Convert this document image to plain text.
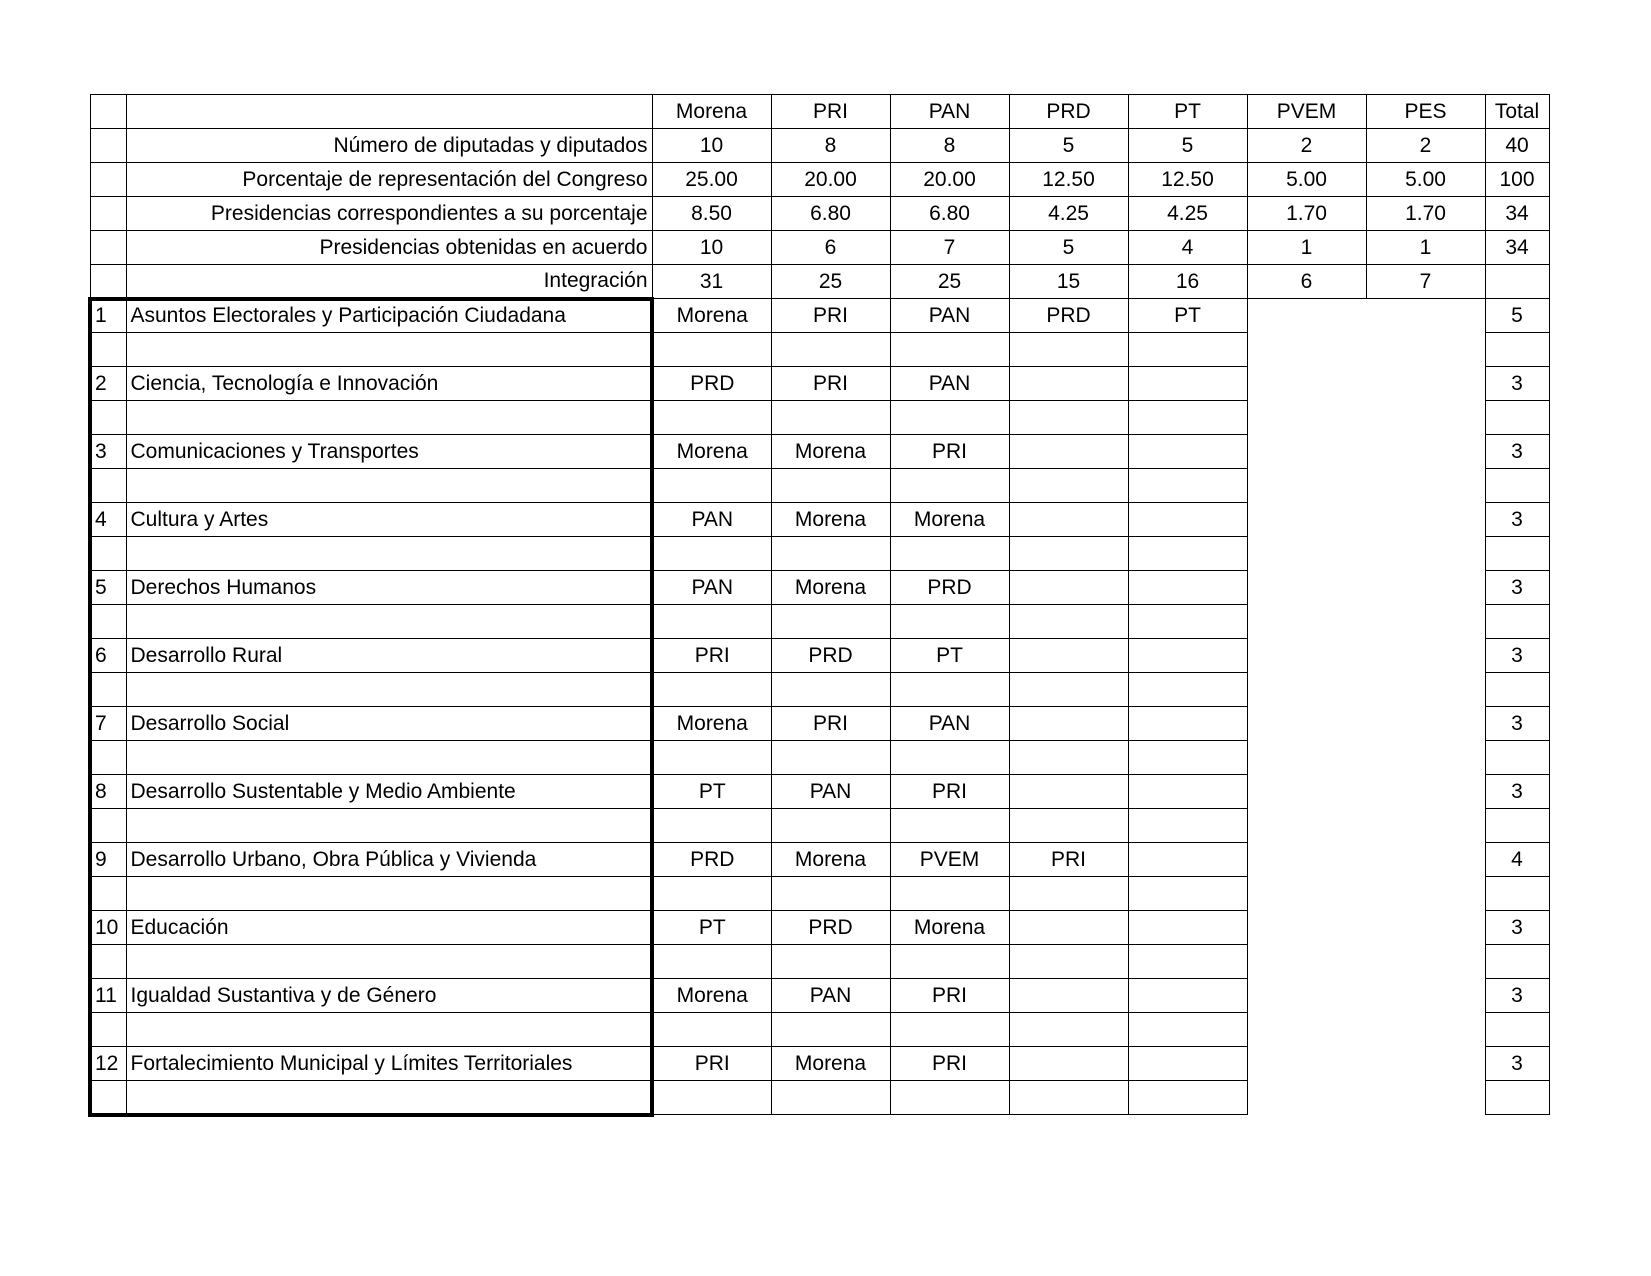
		Morena	PRI	PAN	PRD	PT	PVEM	PES	Total
	Número de diputadas y diputados	10	8	8	5	5	2	2	40
	Porcentaje de representación del Congreso	25.00	20.00	20.00	12.50	12.50	5.00	5.00	100
	Presidencias correspondientes a su porcentaje	8.50	6.80	6.80	4.25	4.25	1.70	1.70	34
	Presidencias obtenidas en acuerdo	10	6	7	5	4	1	1	34
	Integración	31	25	25	15	16	6	7	
1	Asuntos Electorales y Participación Ciudadana	Morena	PRI	PAN	PRD	PT			5

2	Ciencia, Tecnología e Innovación	PRD	PRI	PAN					3

3	Comunicaciones y Transportes	Morena	Morena	PRI					3

4	Cultura y Artes	PAN	Morena	Morena					3

5	Derechos Humanos	PAN	Morena	PRD					3

6	Desarrollo Rural	PRI	PRD	PT					3

7	Desarrollo Social	Morena	PRI	PAN					3

8	Desarrollo Sustentable y Medio Ambiente	PT	PAN	PRI					3

9	Desarrollo Urbano, Obra Pública y Vivienda	PRD	Morena	PVEM	PRI				4

10	Educación	PT	PRD	Morena					3

11	Igualdad Sustantiva y de Género	Morena	PAN	PRI					3

12	Fortalecimiento Municipal y Límites Territoriales	PRI	Morena	PRI					3
